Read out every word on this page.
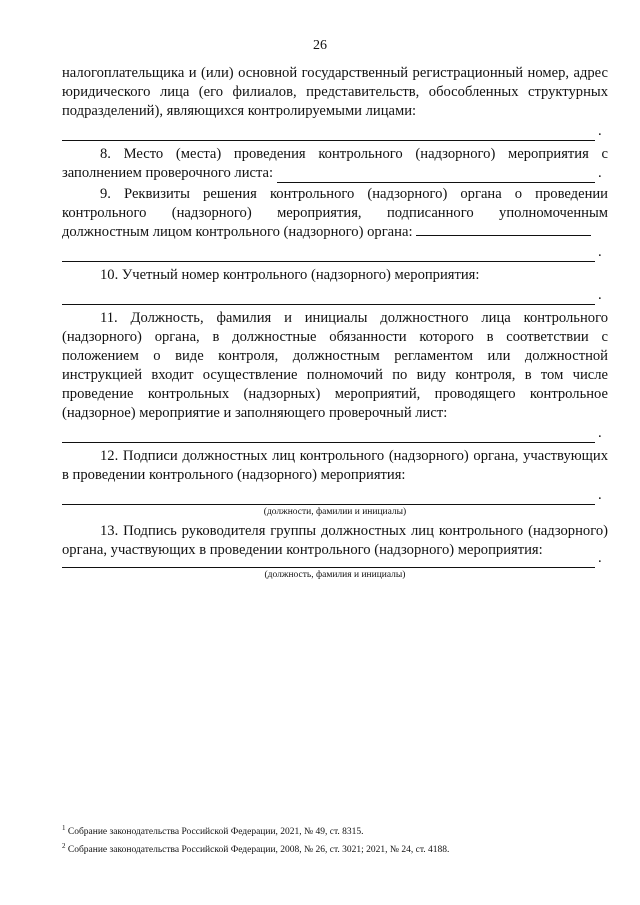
26

налогоплательщика и (или) основной государственный регистрационный номер, адрес юридического лица (его филиалов, представительств, обособленных структурных подразделений), являющихся контролируемыми лицами:

.

8. Место (места) проведения контрольного (надзорного) мероприятия с

заполнением проверочного листа:	.

9. Реквизиты решения контрольного (надзорного) органа о проведении контрольного (надзорного) мероприятия, подписанного уполномоченным должностным лицом контрольного (надзорного) органа:

.

10. Учетный номер контрольного (надзорного) мероприятия:

.

11. Должность, фамилия и инициалы должностного лица контрольного (надзорного) органа, в должностные обязанности которого в соответствии с положением о виде контроля, должностным регламентом или должностной инструкцией входит осуществление полномочий по виду контроля, в том числе проведение контрольных (надзорных) мероприятий, проводящего контрольное (надзорное) мероприятие и заполняющего проверочный лист:

.

12. Подписи должностных лиц контрольного (надзорного) органа, участвующих в проведении контрольного (надзорного) мероприятия:

.
(должности, фамилии и инициалы)

13. Подпись руководителя группы должностных лиц контрольного (надзорного) органа, участвующих в проведении контрольного (надзорного) мероприятия:	.
(должность, фамилия и инициалы)
$^1$ Собрание законодательства Российской Федерации, 2021, № 49, ст. 8315.
$^2$ Собрание законодательства Российской Федерации, 2008, № 26, ст. 3021; 2021, № 24, ст. 4188.
